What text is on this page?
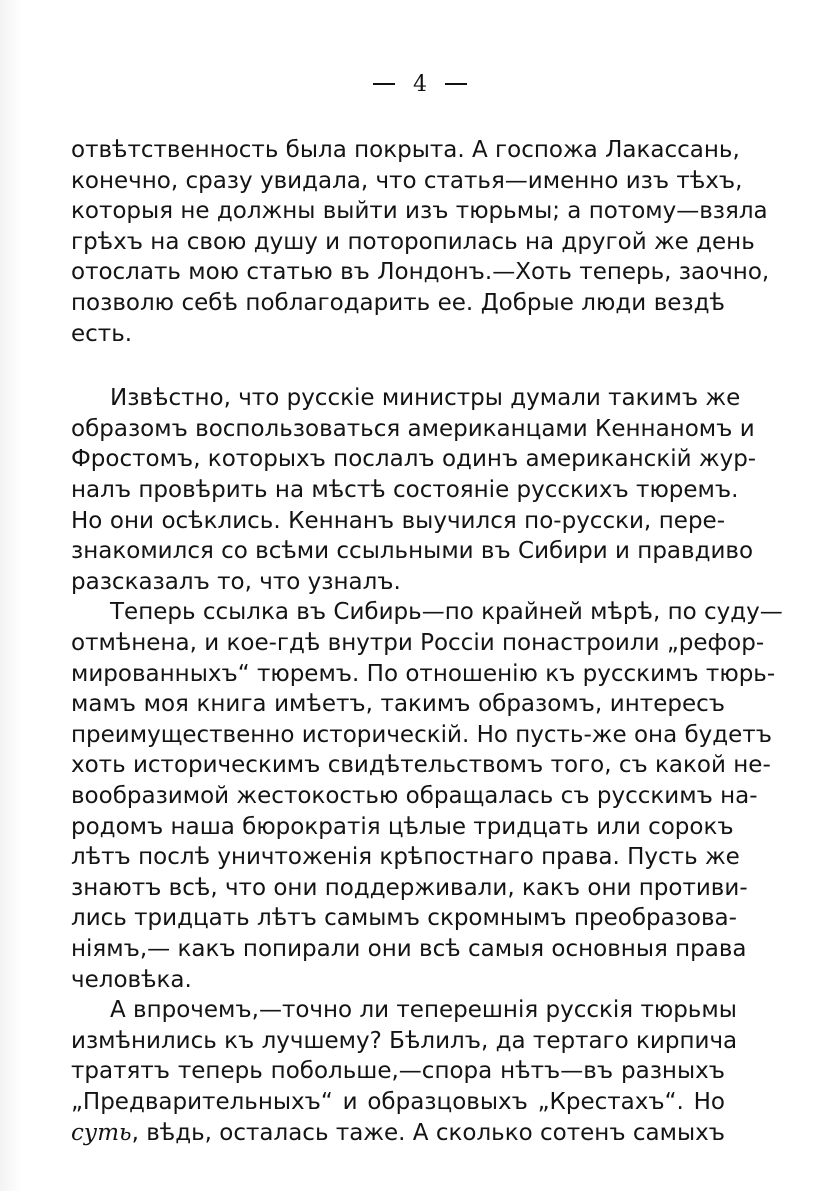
4
отвѣтственность была покрыта. А госпожа Лакассань,
конечно, сразу увидала, что статья—именно изъ тѣхъ,
которыя не должны выйти изъ тюрьмы; а потому—взяла
грѣхъ на свою душу и поторопилась на другой же день
отослать мою статью въ Лондонъ.—Хоть теперь, заочно,
позволю себѣ поблагодарить ее. Добрые люди вездѣ
есть.
Извѣстно, что русскіе министры думали такимъ же
образомъ воспользоваться американцами Кеннаномъ и
Фростомъ, которыхъ послалъ одинъ американскій жур-
налъ провѣрить на мѣстѣ состояніе русскихъ тюремъ.
Но они осѣклись. Кеннанъ выучился по-русски, пере-
знакомился со всѣми ссыльными въ Сибири и правдиво
разсказалъ то, что узналъ.
Теперь ссылка въ Сибирь—по крайней мѣрѣ, по суду—
отмѣнена, и кое-гдѣ внутри Россіи понастроили „рефор-
мированныхъ“ тюремъ. По отношенію къ русскимъ тюрь-
мамъ моя книга имѣетъ, такимъ образомъ, интересъ
преимущественно историческій. Но пусть-же она будетъ
хоть историческимъ свидѣтельствомъ того, съ какой не-
вообразимой жестокостью обращалась съ русскимъ на-
родомъ наша бюрократія цѣлые тридцать или сорокъ
лѣтъ послѣ уничтоженія крѣпостнаго права. Пусть же
знаютъ всѣ, что они поддерживали, какъ они противи-
лись тридцать лѣтъ самымъ скромнымъ преобразова-
ніямъ,— какъ попирали они всѣ самыя основныя права
человѣка.
А впрочемъ,—точно ли теперешнія русскія тюрьмы
измѣнились къ лучшему? Бѣлилъ, да тертаго кирпича
тратятъ теперь побольше,—спора нѣтъ—въ разныхъ
„Предварительныхъ“ и образцовыхъ „Крестахъ“. Но
суть, вѣдь, осталась таже. А сколько сотенъ самыхъ
